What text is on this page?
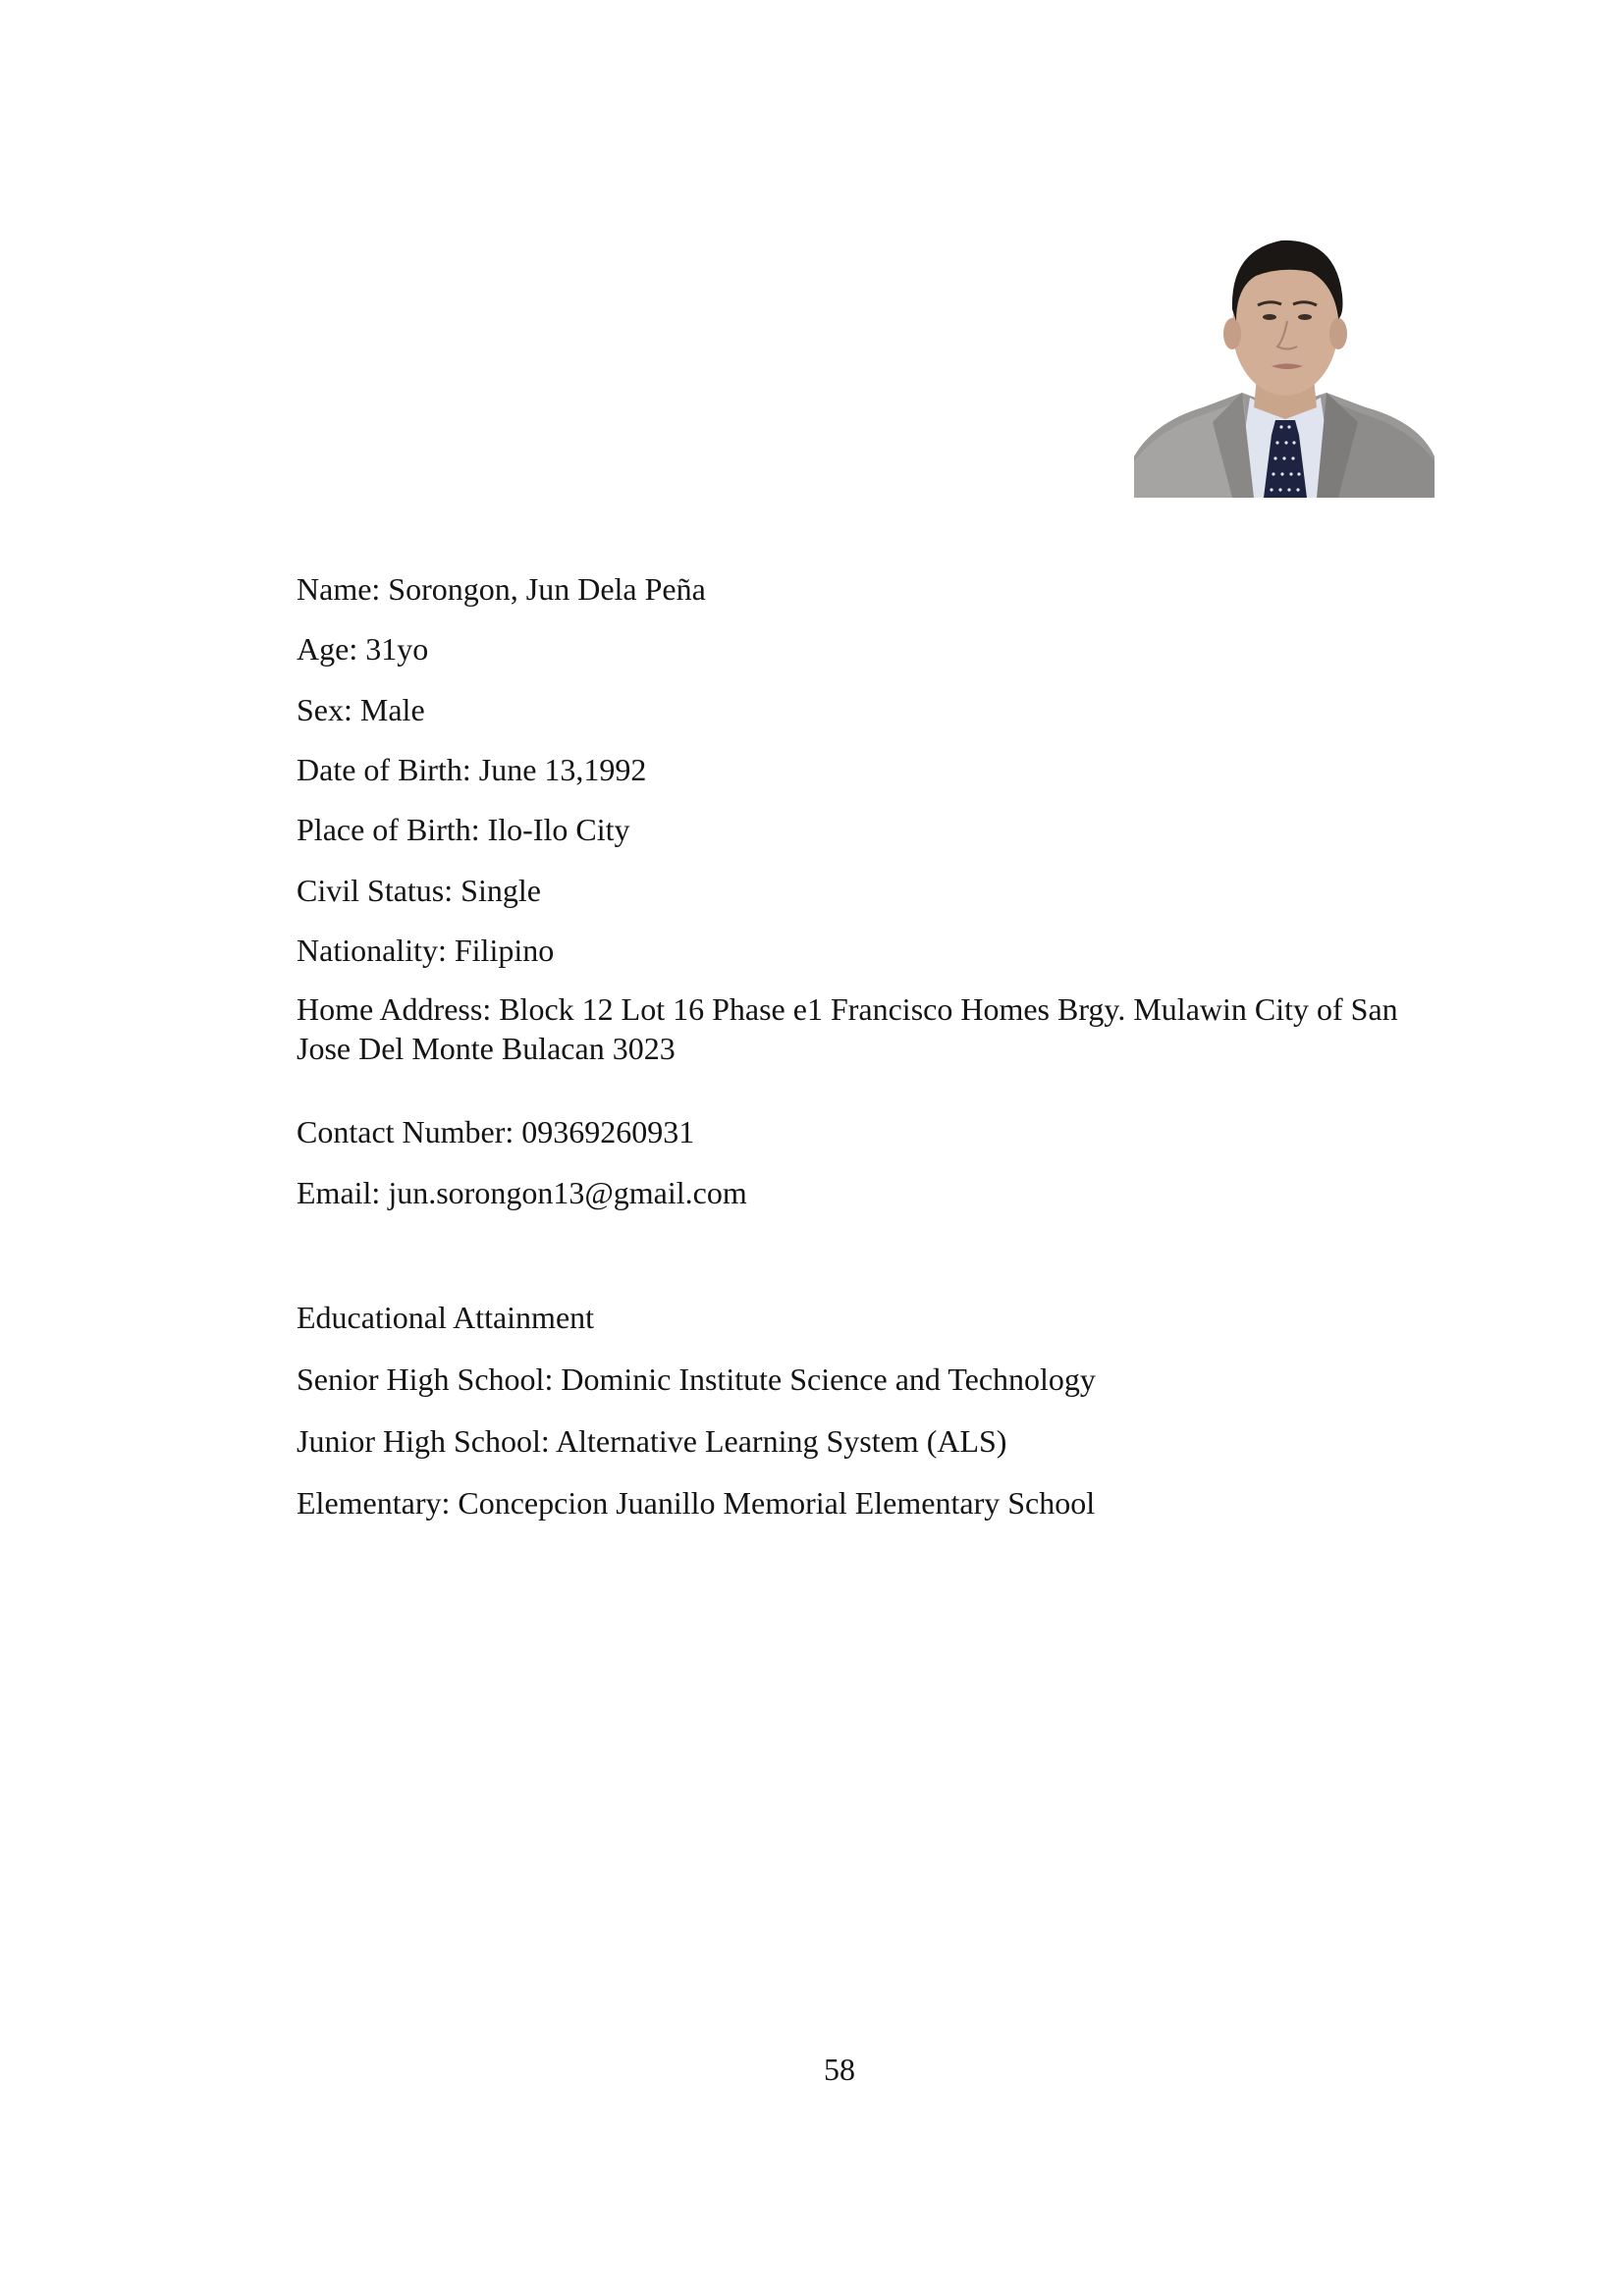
Name: Sorongon, Jun Dela Peña
Age: 31yo
Sex: Male
Date of Birth: June 13,1992
Place of Birth: Ilo-Ilo City
Civil Status: Single
Nationality: Filipino
Home Address: Block 12 Lot 16 Phase e1 Francisco Homes Brgy. Mulawin City of San Jose Del Monte Bulacan 3023
Contact Number: 09369260931
Email: jun.sorongon13@gmail.com
Educational Attainment
Senior High School: Dominic Institute Science and Technology
Junior High School: Alternative Learning System (ALS)
Elementary: Concepcion Juanillo Memorial Elementary School
58
